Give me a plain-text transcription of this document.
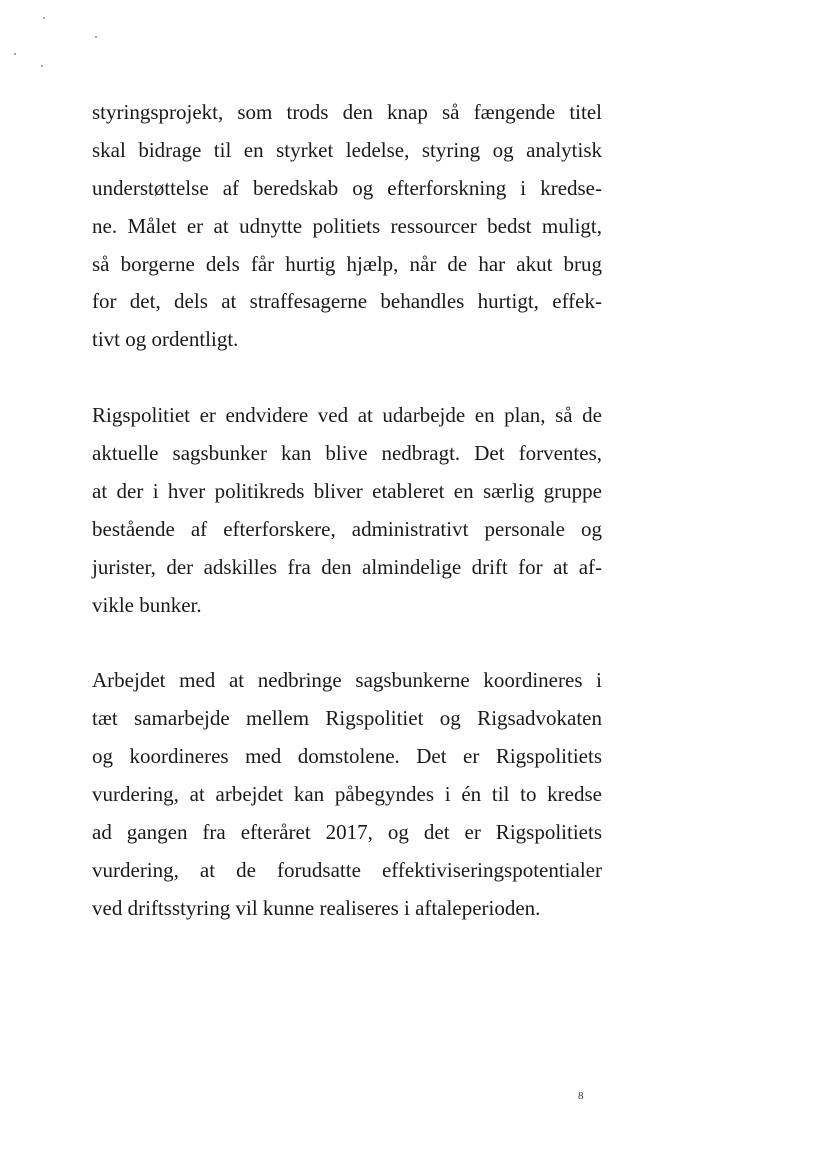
styringsprojekt, som trods den knap så fængende titel
skal bidrage til en styrket ledelse, styring og analytisk
understøttelse af beredskab og efterforskning i kredse-
ne. Målet er at udnytte politiets ressourcer bedst muligt,
så borgerne dels får hurtig hjælp, når de har akut brug
for det, dels at straffesagerne behandles hurtigt, effek-
tivt og ordentligt.
Rigspolitiet er endvidere ved at udarbejde en plan, så de
aktuelle sagsbunker kan blive nedbragt. Det forventes,
at der i hver politikreds bliver etableret en særlig gruppe
bestående af efterforskere, administrativt personale og
jurister, der adskilles fra den almindelige drift for at af-
vikle bunker.
Arbejdet med at nedbringe sagsbunkerne koordineres i
tæt samarbejde mellem Rigspolitiet og Rigsadvokaten
og koordineres med domstolene. Det er Rigspolitiets
vurdering, at arbejdet kan påbegyndes i én til to kredse
ad gangen fra efteråret 2017, og det er Rigspolitiets
vurdering, at de forudsatte effektiviseringspotentialer
ved driftsstyring vil kunne realiseres i aftaleperioden.
8
